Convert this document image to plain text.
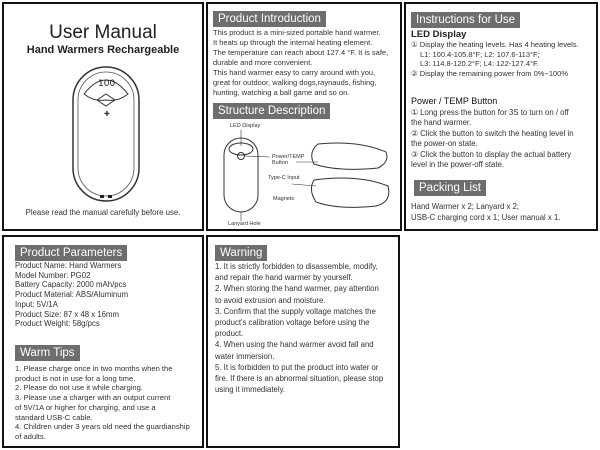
User Manual
Hand Warmers Rechargeable
100
✚
Please read the manual carefully before use.
Product Introduction
This product is a mini-sized portable hand warmer.
It heats up through the internal heating element.
The temperature can reach about 127.4 °F. It is safe,
durable and more convenient.
This hand warmer easy to carry around with you,
great for outdoor, walking dogs,raynauds, fishing,
hunting, watching a ball game and so on.
Structure Description
LED Display
Power/TEMP Button
Type-C Input
Magnets
Lanyard Hole
Instructions for Use
LED Display
① Display the heating levels. Has 4 heating levels.
L1: 100.4-105.8°F; L2: 107.6-113°F;
L3: 114.8-120.2°F; L4: 122-127.4°F.
② Display the remaining power from 0%~100%
Power / TEMP Button
① Long press the button for 3S to turn on / off
the hand warmer.
② Click the button to switch the heating level in
the power-on state.
③ Click the button to display the actual battery
level in the power-off state.
Packing List
Hand Warmer x 2; Lanyard x 2;
USB-C charging cord x 1; User manual x 1.
Product Parameters
Product Name: Hand Warmers
Model Number: PG02
Battery Capacity: 2000 mAh/pcs
Product Material: ABS/Aluminum
Input: 5V/1A
Product Size: 87 x 48 x 16mm
Product Weight: 58g/pcs
Warm Tips
1. Please charge once in two months when the
product is not in use for a long time.
2. Please do not use it while charging.
3. Please use a charger with an output current
of 5V/1A or higher for charging, and use a
standard USB-C cable.
4. Children under 3 years old need the guardianship
of adults.
Warning
1. It is strictly forbidden to disassemble, modify,
and repair the hand warmer by yourself.
2. When storing the hand warmer, pay attention
to avoid extrusion and moisture.
3. Confirm that the supply voltage matches the
product's calibration voltage before using the
product.
4. When using the hand warmer avoid fall and
water immersion.
5. It is forbidden to put the product into water or
fire. If there is an abnormal situation, please stop
using it immediately.
